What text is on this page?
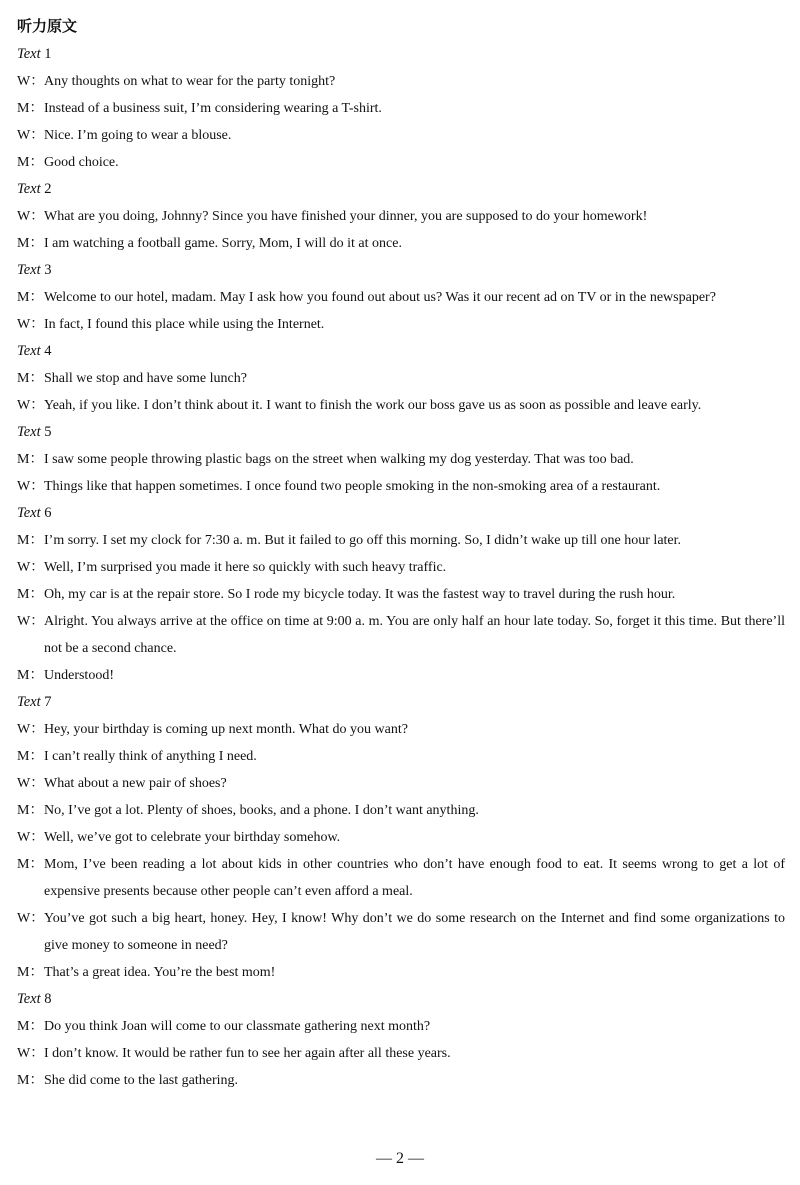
听力原文
Text 1
W：Any thoughts on what to wear for the party tonight?
M：Instead of a business suit, I’m considering wearing a T-shirt.
W：Nice. I’m going to wear a blouse.
M：Good choice.
Text 2
W：What are you doing, Johnny? Since you have finished your dinner, you are supposed to do your homework!
M：I am watching a football game. Sorry, Mom, I will do it at once.
Text 3
M：Welcome to our hotel, madam. May I ask how you found out about us? Was it our recent ad on TV or in the newspaper?
W：In fact, I found this place while using the Internet.
Text 4
M：Shall we stop and have some lunch?
W：Yeah, if you like. I don’t think about it. I want to finish the work our boss gave us as soon as possible and leave early.
Text 5
M：I saw some people throwing plastic bags on the street when walking my dog yesterday. That was too bad.
W：Things like that happen sometimes. I once found two people smoking in the non-smoking area of a restaurant.
Text 6
M：I’m sorry. I set my clock for 7:30 a. m. But it failed to go off this morning. So, I didn’t wake up till one hour later.
W：Well, I’m surprised you made it here so quickly with such heavy traffic.
M：Oh, my car is at the repair store. So I rode my bicycle today. It was the fastest way to travel during the rush hour.
W：Alright. You always arrive at the office on time at 9:00 a. m. You are only half an hour late today. So, forget it this time. But there’ll not be a second chance.
M：Understood!
Text 7
W：Hey, your birthday is coming up next month. What do you want?
M：I can’t really think of anything I need.
W：What about a new pair of shoes?
M：No, I’ve got a lot. Plenty of shoes, books, and a phone. I don’t want anything.
W：Well, we’ve got to celebrate your birthday somehow.
M：Mom, I’ve been reading a lot about kids in other countries who don’t have enough food to eat. It seems wrong to get a lot of expensive presents because other people can’t even afford a meal.
W：You’ve got such a big heart, honey. Hey, I know! Why don’t we do some research on the Internet and find some organizations to give money to someone in need?
M：That’s a great idea. You’re the best mom!
Text 8
M：Do you think Joan will come to our classmate gathering next month?
W：I don’t know. It would be rather fun to see her again after all these years.
M：She did come to the last gathering.
— 2 —
